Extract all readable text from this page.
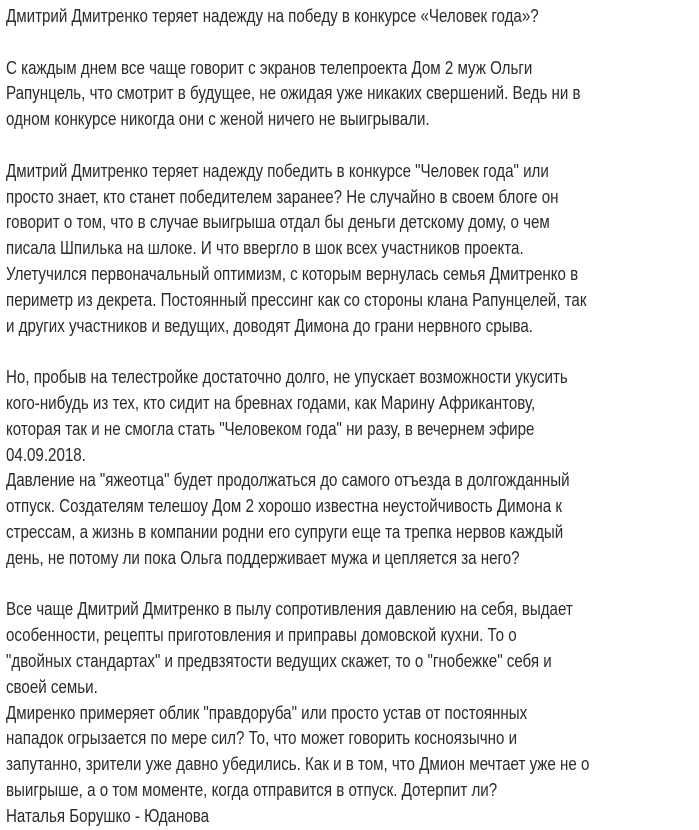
Дмитрий Дмитренко теряет надежду на победу в конкурсе «Человек года»?
С каждым днем все чаще говорит с экранов телепроекта Дом 2 муж Ольги
Рапунцель, что смотрит в будущее, не ожидая уже никаких свершений. Ведь ни в
одном конкурсе никогда они с женой ничего не выигрывали.
Дмитрий Дмитренко теряет надежду победить в конкурсе "Человек года" или
просто знает, кто станет победителем заранее? Не случайно в своем блоге он
говорит о том, что в случае выигрыша отдал бы деньги детскому дому, о чем
писала Шпилька на шлоке. И что ввергло в шок всех участников проекта.
Улетучился первоначальный оптимизм, с которым вернулась семья Дмитренко в
периметр из декрета. Постоянный прессинг как со стороны клана Рапунцелей, так
и других участников и ведущих, доводят Димона до грани нервного срыва.
Но, пробыв на телестройке достаточно долго, не упускает возможности укусить
кого-нибудь из тех, кто сидит на бревнах годами, как Марину Африкантову,
которая так и не смогла стать "Человеком года" ни разу, в вечернем эфире
04.09.2018.
Давление на "яжеотца" будет продолжаться до самого отъезда в долгожданный
отпуск. Создателям телешоу Дом 2 хорошо известна неустойчивость Димона к
стрессам, а жизнь в компании родни его супруги еще та трепка нервов каждый
день, не потому ли пока Ольга поддерживает мужа и цепляется за него?
Все чаще Дмитрий Дмитренко в пылу сопротивления давлению на себя, выдает
особенности, рецепты приготовления и приправы домовской кухни. То о
"двойных стандартах" и предвзятости ведущих скажет, то о "гнобежке" себя и
своей семьи.
Дмиренко примеряет облик "правдоруба" или просто устав от постоянных
нападок огрызается по мере сил? То, что может говорить косноязычно и
запутанно, зрители уже давно убедились. Как и в том, что Дмион мечтает уже не о
выигрыше, а о том моменте, когда отправится в отпуск. Дотерпит ли?
Наталья Борушко - Юданова
